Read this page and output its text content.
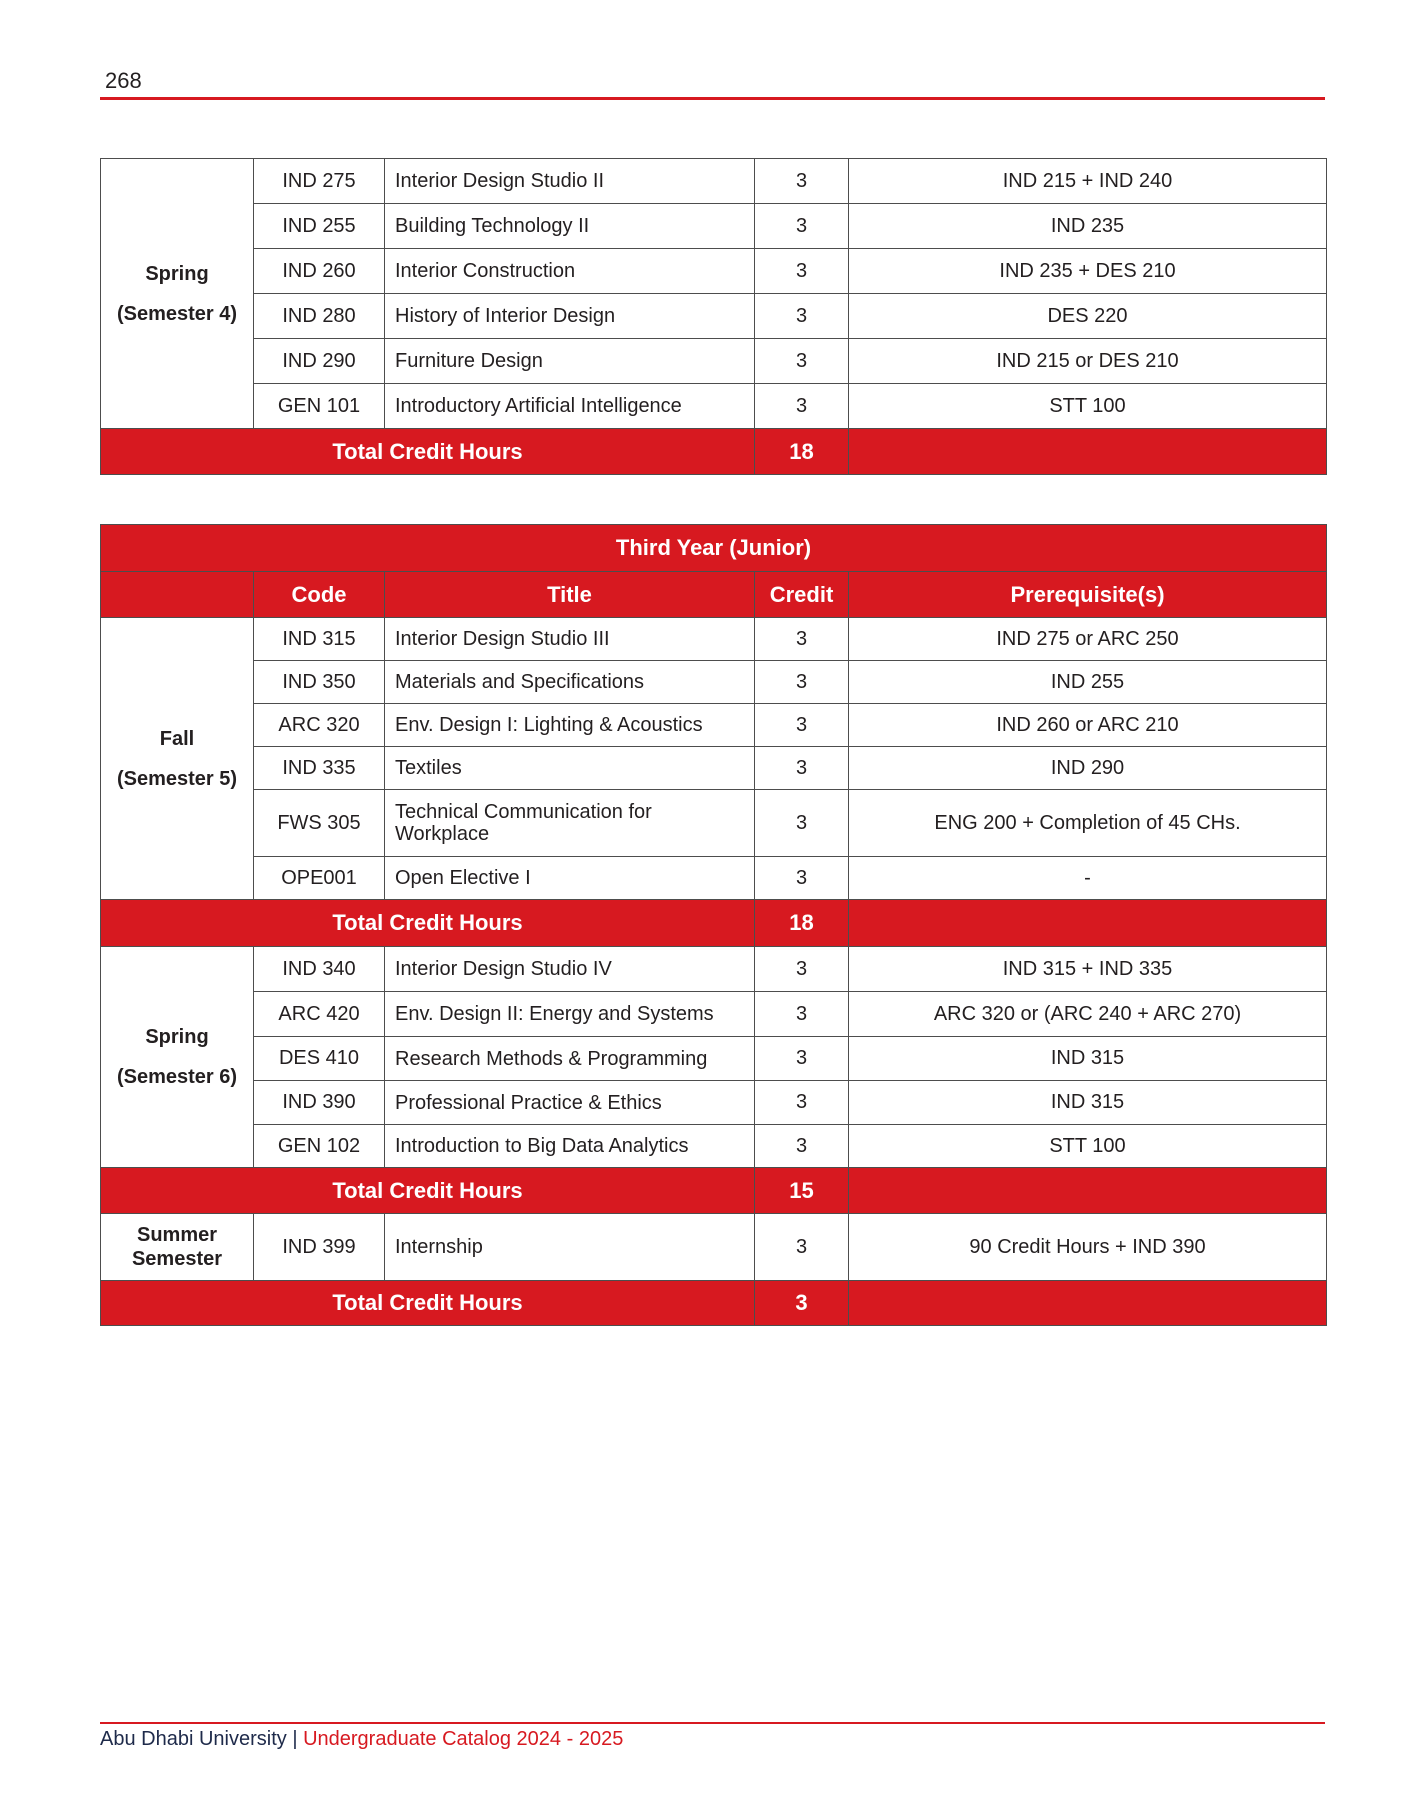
268
Spring
(Semester 4)	IND 275	Interior Design Studio II	3	IND 215 + IND 240
	IND 255	Building Technology II	3	IND 235
	IND 260	Interior Construction	3	IND 235 + DES 210
	IND 280	History of Interior Design	3	DES 220
	IND 290	Furniture Design	3	IND 215 or DES 210
	GEN 101	Introductory Artificial Intelligence	3	STT 100
Total Credit Hours			18	
Third Year (Junior)				
	Code	Title	Credit	Prerequisite(s)

Fall
(Semester 5)	IND 315	Interior Design Studio III	3	IND 275 or ARC 250
	IND 350	Materials and Specifications	3	IND 255
	ARC 320	Env. Design I: Lighting & Acoustics	3	IND 260 or ARC 210
	IND 335	Textiles	3	IND 290
	FWS 305	Technical Communication for Workplace	3	ENG 200 + Completion of 45 CHs.
	OPE001	Open Elective I	3	-
Total Credit Hours			18	

Spring
(Semester 6)	IND 340	Interior Design Studio IV	3	IND 315 + IND 335
	ARC 420	Env. Design II: Energy and Systems	3	ARC 320 or (ARC 240 + ARC 270)
	DES 410	Research Methods & Programming	3	IND 315
	IND 390	Professional Practice & Ethics	3	IND 315
	GEN 102	Introduction to Big Data Analytics	3	STT 100
Total Credit Hours			15	

Summer
Semester	IND 399	Internship	3	90 Credit Hours + IND 390
Total Credit Hours			3	
Abu Dhabi University | Undergraduate Catalog 2024 - 2025
